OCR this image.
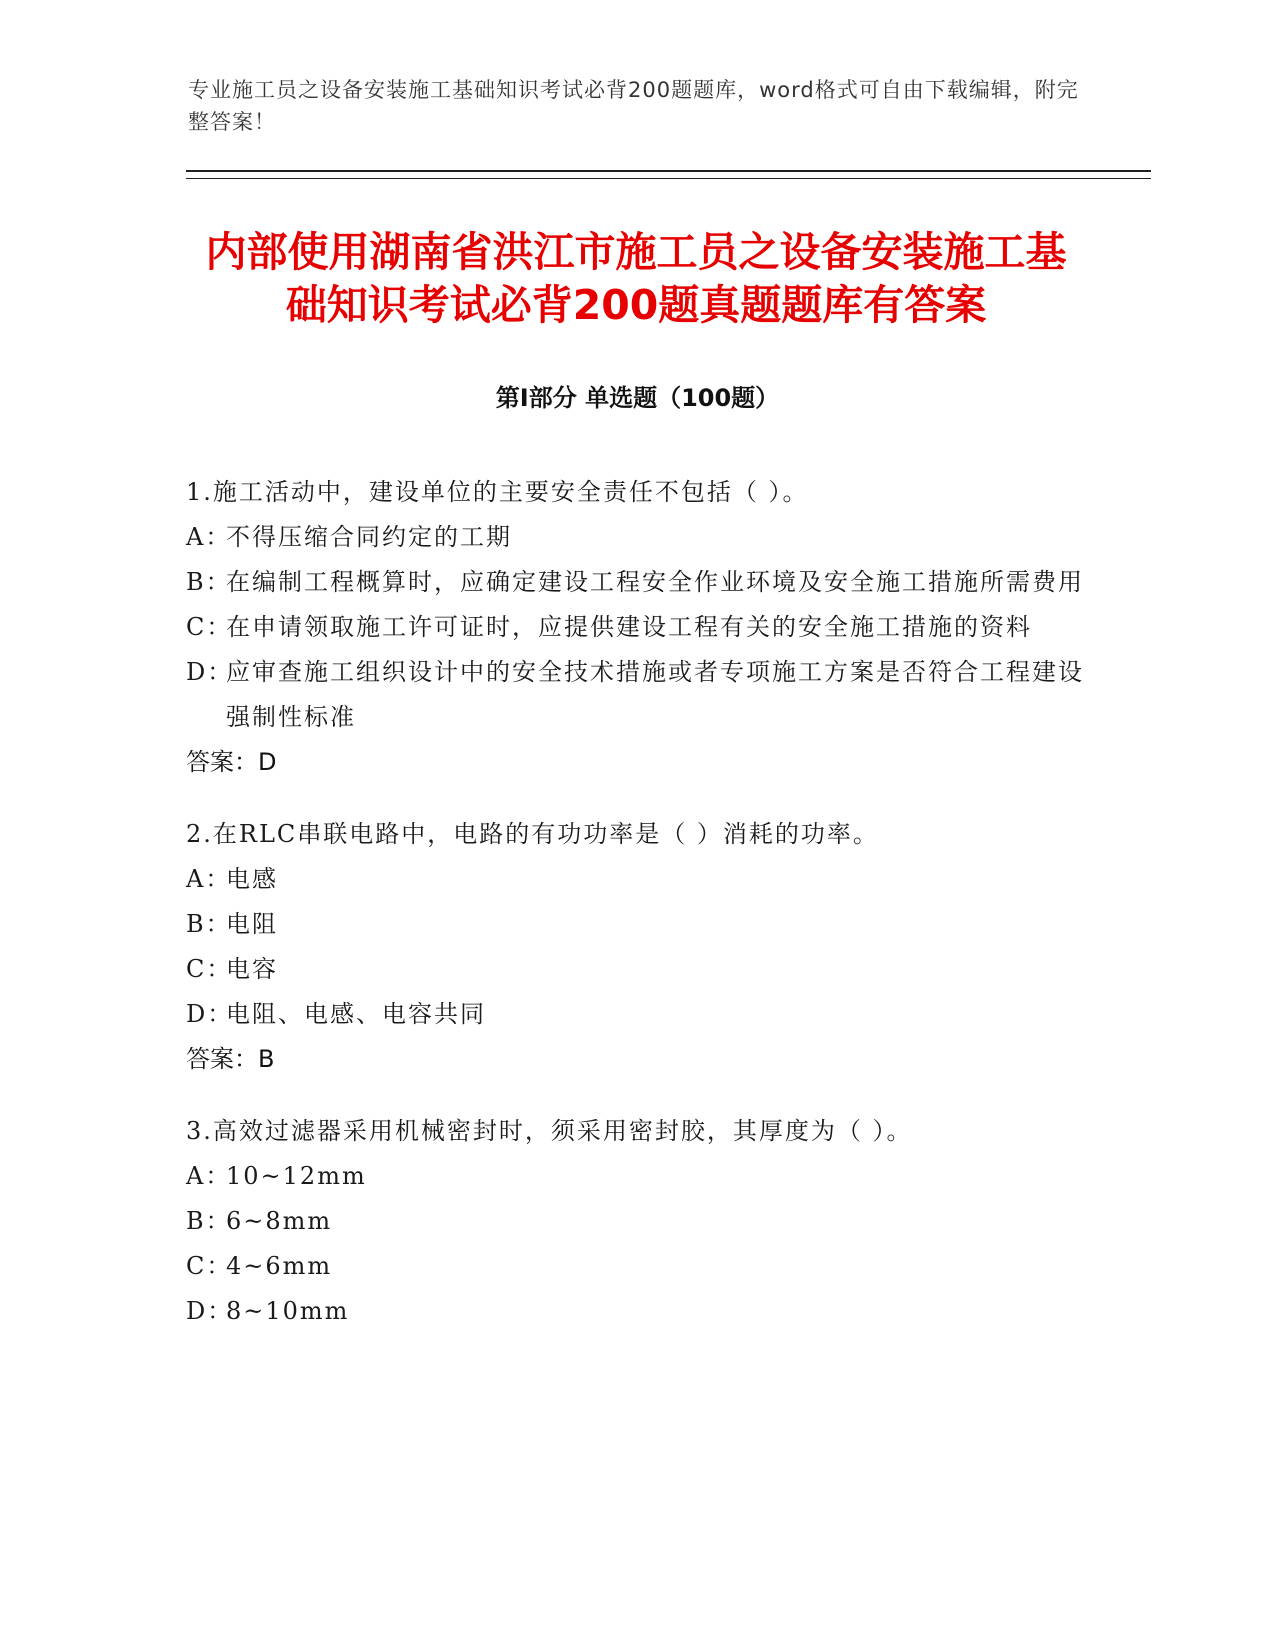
专业施工员之设备安装施工基础知识考试必背200题题库，word格式可自由下载编辑，附完整答案！
内部使用湖南省洪江市施工员之设备安装施工基础知识考试必背200题真题题库有答案
第I部分 单选题（100题）
1.施工活动中，建设单位的主要安全责任不包括（ ）。
A：
不得压缩合同约定的工期
B：
在编制工程概算时，应确定建设工程安全作业环境及安全施工措施所需费用
C：
在申请领取施工许可证时，应提供建设工程有关的安全施工措施的资料
D：
应审查施工组织设计中的安全技术措施或者专项施工方案是否符合工程建设强制性标准
答案：D
2.在RLC串联电路中，电路的有功功率是（ ）消耗的功率。
A：
电感
B：
电阻
C：
电容
D：
电阻、电感、电容共同
答案：B
3.高效过滤器采用机械密封时，须采用密封胶，其厚度为（ ）。
A：
10~12mm
B：
6~8mm
C：
4~6mm
D：
8~10mm
